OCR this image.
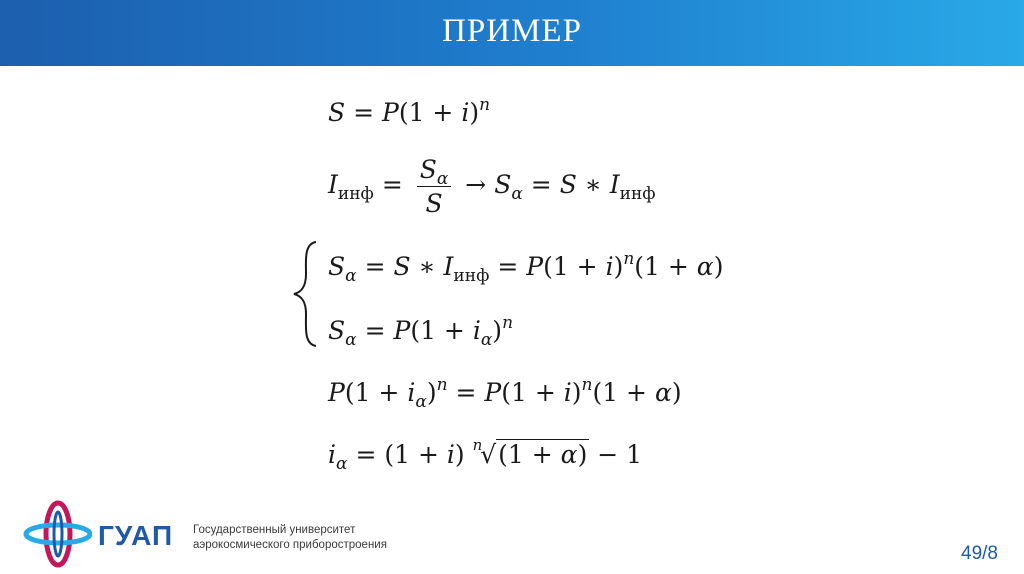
ПРИМЕР
$S = P(1 + i)^n$
$I_{инф} = \frac{S_\alpha}{S} \to S_\alpha = S$ ∗ $I_{инф}$
$S_\alpha = S$ ∗ $I_{инф} = P(1 + i)^n(1 + \alpha)$
$S_\alpha = P(1 + i_\alpha)^n$
$P(1 + i_\alpha)^n = P(1 + i)^n(1 + \alpha)$
$i_\alpha = (1 + i) ^n√(1 + \alpha) - 1$
ГУАП Государственный университет
аэрокосмического приборостроения	49/8
